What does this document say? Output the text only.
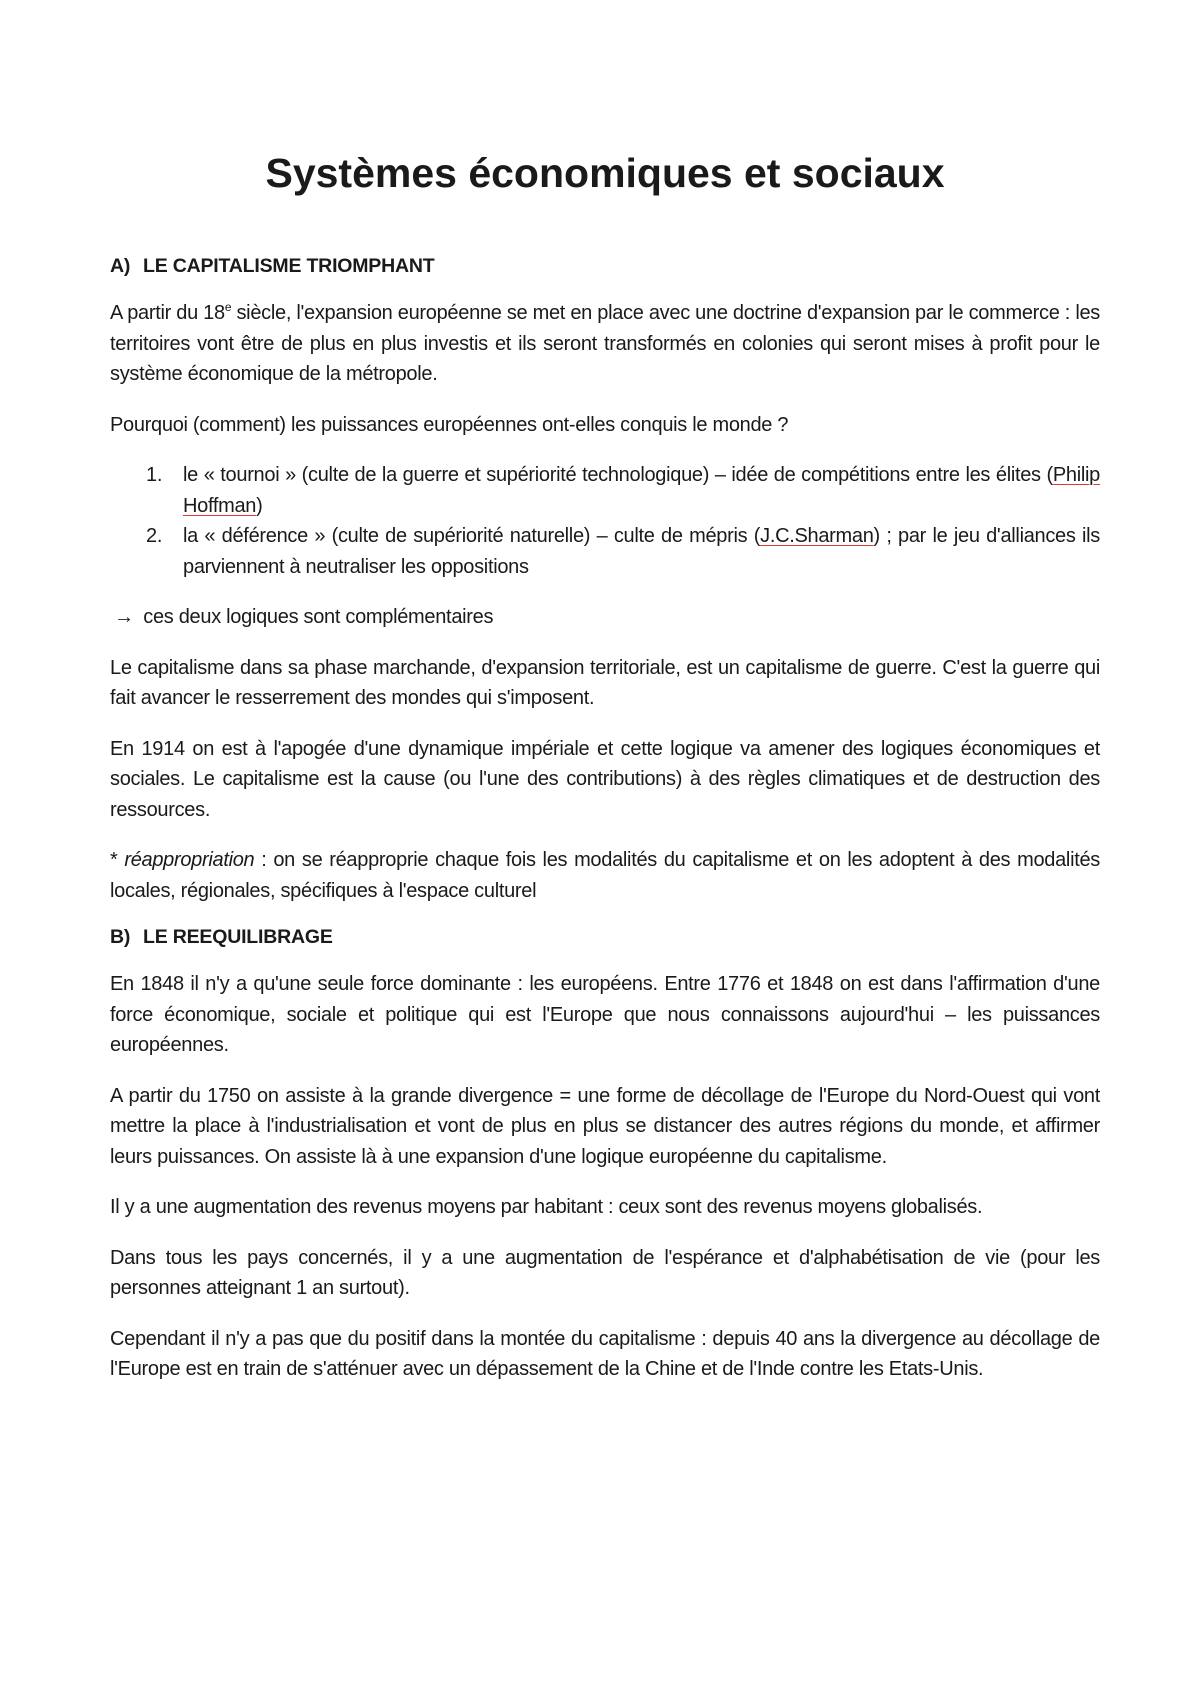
Systèmes économiques et sociaux
A) LE CAPITALISME TRIOMPHANT

A partir du 18e siècle, l'expansion européenne se met en place avec une doctrine d'expansion par le commerce : les territoires vont être de plus en plus investis et ils seront transformés en colonies qui seront mises à profit pour le système économique de la métropole.

Pourquoi (comment) les puissances européennes ont-elles conquis le monde ?

1. le « tournoi » (culte de la guerre et supériorité technologique) – idée de compétitions entre les élites (Philip Hoffman)
2. la « déférence » (culte de supériorité naturelle) – culte de mépris (J.C.Sharman) ; par le jeu d'alliances ils parviennent à neutraliser les oppositions

→ ces deux logiques sont complémentaires

Le capitalisme dans sa phase marchande, d'expansion territoriale, est un capitalisme de guerre. C'est la guerre qui fait avancer le resserrement des mondes qui s'imposent.

En 1914 on est à l'apogée d'une dynamique impériale et cette logique va amener des logiques économiques et sociales. Le capitalisme est la cause (ou l'une des contributions) à des règles climatiques et de destruction des ressources.

* réappropriation : on se réapproprie chaque fois les modalités du capitalisme et on les adoptent à des modalités locales, régionales, spécifiques à l'espace culturel

B) LE REEQUILIBRAGE

En 1848 il n'y a qu'une seule force dominante : les européens. Entre 1776 et 1848 on est dans l'affirmation d'une force économique, sociale et politique qui est l'Europe que nous connaissons aujourd'hui – les puissances européennes.

A partir du 1750 on assiste à la grande divergence = une forme de décollage de l'Europe du Nord-Ouest qui vont mettre la place à l'industrialisation et vont de plus en plus se distancer des autres régions du monde, et affirmer leurs puissances. On assiste là à une expansion d'une logique européenne du capitalisme.

Il y a une augmentation des revenus moyens par habitant : ceux sont des revenus moyens globalisés.

Dans tous les pays concernés, il y a une augmentation de l'espérance et d'alphabétisation de vie (pour les personnes atteignant 1 an surtout).

Cependant il n'y a pas que du positif dans la montée du capitalisme : depuis 40 ans la divergence au décollage de l'Europe est en train de s'atténuer avec un dépassement de la Chine et de l'Inde contre les Etats-Unis.
